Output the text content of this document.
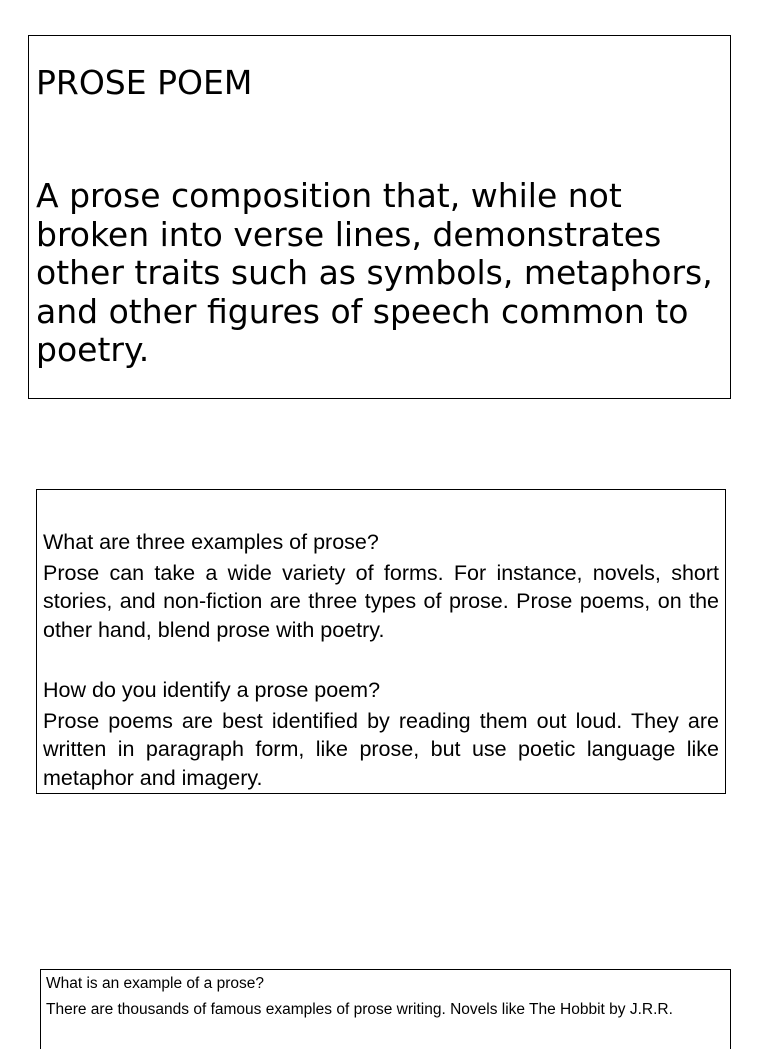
PROSE POEM

A prose composition that, while not broken into verse lines, demonstrates other traits such as symbols, metaphors, and other figures of speech common to poetry.

What are three examples of prose?

Prose can take a wide variety of forms. For instance, novels, short stories, and non-fiction are three types of prose. Prose poems, on the other hand, blend prose with poetry.

How do you identify a prose poem?

Prose poems are best identified by reading them out loud. They are written in paragraph form, like prose, but use poetic language like metaphor and imagery.

What is an example of a prose?

There are thousands of famous examples of prose writing. Novels like The Hobbit by J.R.R.
